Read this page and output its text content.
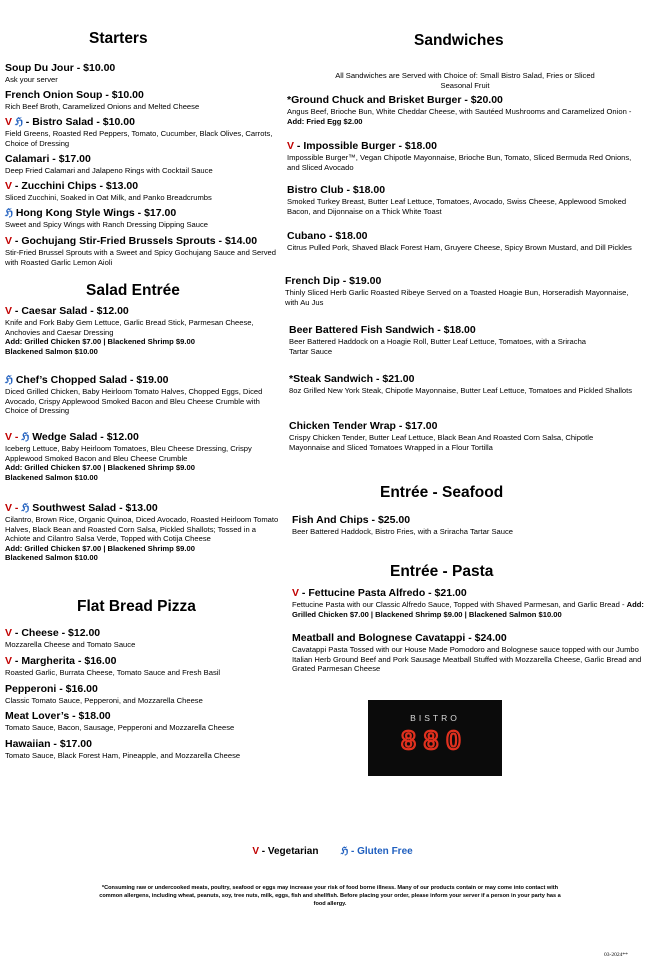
Starters
Soup Du Jour - $10.00
Ask your server
French Onion Soup - $10.00
Rich Beef Broth, Caramelized Onions and Melted Cheese
V ℌ - Bistro Salad - $10.00
Field Greens, Roasted Red Peppers, Tomato, Cucumber, Black Olives, Carrots, Choice of Dressing
Calamari - $17.00
Deep Fried Calamari and Jalapeno Rings with Cocktail Sauce
V - Zucchini Chips - $13.00
Sliced Zucchini, Soaked in Oat Milk, and Panko Breadcrumbs
ℌ Hong Kong Style Wings - $17.00
Sweet and Spicy Wings with Ranch Dressing Dipping Sauce
V - Gochujang Stir-Fried Brussels Sprouts - $14.00
Stir-Fried Brussel Sprouts with a Sweet and Spicy Gochujang Sauce and Served with Roasted Garlic Lemon Aioli
Salad Entrée
V - Caesar Salad - $12.00
Knife and Fork Baby Gem Lettuce, Garlic Bread Stick, Parmesan Cheese, Anchovies and Caesar Dressing
Add: Grilled Chicken $7.00 | Blackened Shrimp $9.00
Blackened Salmon $10.00
ℌ Chef’s Chopped Salad - $19.00
Diced Grilled Chicken, Baby Heirloom Tomato Halves, Chopped Eggs, Diced Avocado, Crispy Applewood Smoked Bacon and Bleu Cheese Crumble with Choice of Dressing
V - ℌ Wedge Salad - $12.00
Iceberg Lettuce, Baby Heirloom Tomatoes, Bleu Cheese Dressing, Crispy Applewood Smoked Bacon and Bleu Cheese Crumble
Add: Grilled Chicken $7.00 | Blackened Shrimp $9.00
Blackened Salmon $10.00
V - ℌ Southwest Salad - $13.00
Cilantro, Brown Rice, Organic Quinoa, Diced Avocado, Roasted Heirloom Tomato Halves, Black Bean and Roasted Corn Salsa, Pickled Shallots; Tossed in a Achiote and Cilantro Salsa Verde, Topped with Cotija Cheese
Add: Grilled Chicken $7.00 | Blackened Shrimp $9.00
Blackened Salmon $10.00
Flat Bread Pizza
V - Cheese - $12.00
Mozzarella Cheese and Tomato Sauce
V - Margherita - $16.00
Roasted Garlic, Burrata Cheese, Tomato Sauce and Fresh Basil
Pepperoni - $16.00
Classic Tomato Sauce, Pepperoni, and Mozzarella Cheese
Meat Lover’s - $18.00
Tomato Sauce, Bacon, Sausage, Pepperoni and Mozzarella Cheese
Hawaiian - $17.00
Tomato Sauce, Black Forest Ham, Pineapple, and Mozzarella Cheese
Sandwiches
All Sandwiches are Served with Choice of: Small Bistro Salad, Fries or Sliced Seasonal Fruit
*Ground Chuck and Brisket Burger - $20.00
Angus Beef, Brioche Bun, White Cheddar Cheese, with Sautéed Mushrooms and Caramelized Onion - Add: Fried Egg $2.00
V - Impossible Burger - $18.00
Impossible Burger™, Vegan Chipotle Mayonnaise, Brioche Bun, Tomato, Sliced Bermuda Red Onions, and Sliced Avocado
Bistro Club - $18.00
Smoked Turkey Breast, Butter Leaf Lettuce, Tomatoes, Avocado, Swiss Cheese, Applewood Smoked Bacon, and Dijonnaise on a Thick White Toast
Cubano - $18.00
Citrus Pulled Pork, Shaved Black Forest Ham, Gruyere Cheese, Spicy Brown Mustard, and Dill Pickles
French Dip - $19.00
Thinly Sliced Herb Garlic Roasted Ribeye Served on a Toasted Hoagie Bun, Horseradish Mayonnaise, with Au Jus
Beer Battered Fish Sandwich - $18.00
Beer Battered Haddock on a Hoagie Roll, Butter Leaf Lettuce, Tomatoes, with a Sriracha Tartar Sauce
*Steak Sandwich - $21.00
8oz Grilled New York Steak, Chipotle Mayonnaise, Butter Leaf Lettuce, Tomatoes and Pickled Shallots
Chicken Tender Wrap - $17.00
Crispy Chicken Tender, Butter Leaf Lettuce, Black Bean And Roasted Corn Salsa, Chipotle Mayonnaise and Sliced Tomatoes Wrapped in a Flour Tortilla
Entrée - Seafood
Fish And Chips - $25.00
Beer Battered Haddock, Bistro Fries, with a Sriracha Tartar Sauce
Entrée - Pasta
V - Fettucine Pasta Alfredo - $21.00
Fettucine Pasta with our Classic Alfredo Sauce, Topped with Shaved Parmesan, and Garlic Bread - Add: Grilled Chicken $7.00 | Blackened Shrimp $9.00 | Blackened Salmon $10.00
Meatball and Bolognese Cavatappi - $24.00
Cavatappi Pasta Tossed with our House Made Pomodoro and Bolognese sauce topped with our Jumbo Italian Herb Ground Beef and Pork Sausage Meatball Stuffed with Mozzarella Cheese, Garlic Bread and Grated Parmesan Cheese
BISTRO
880
V - Vegetarian ℌ - Gluten Free
*Consuming raw or undercooked meats, poultry, seafood or eggs may increase your risk of food borne illness. Many of our products contain or may come into contact with common allergens, including wheat, peanuts, soy, tree nuts, milk, eggs, fish and shellfish. Before placing your order, please inform your server if a person in your party has a food allergy.
03-2024**
